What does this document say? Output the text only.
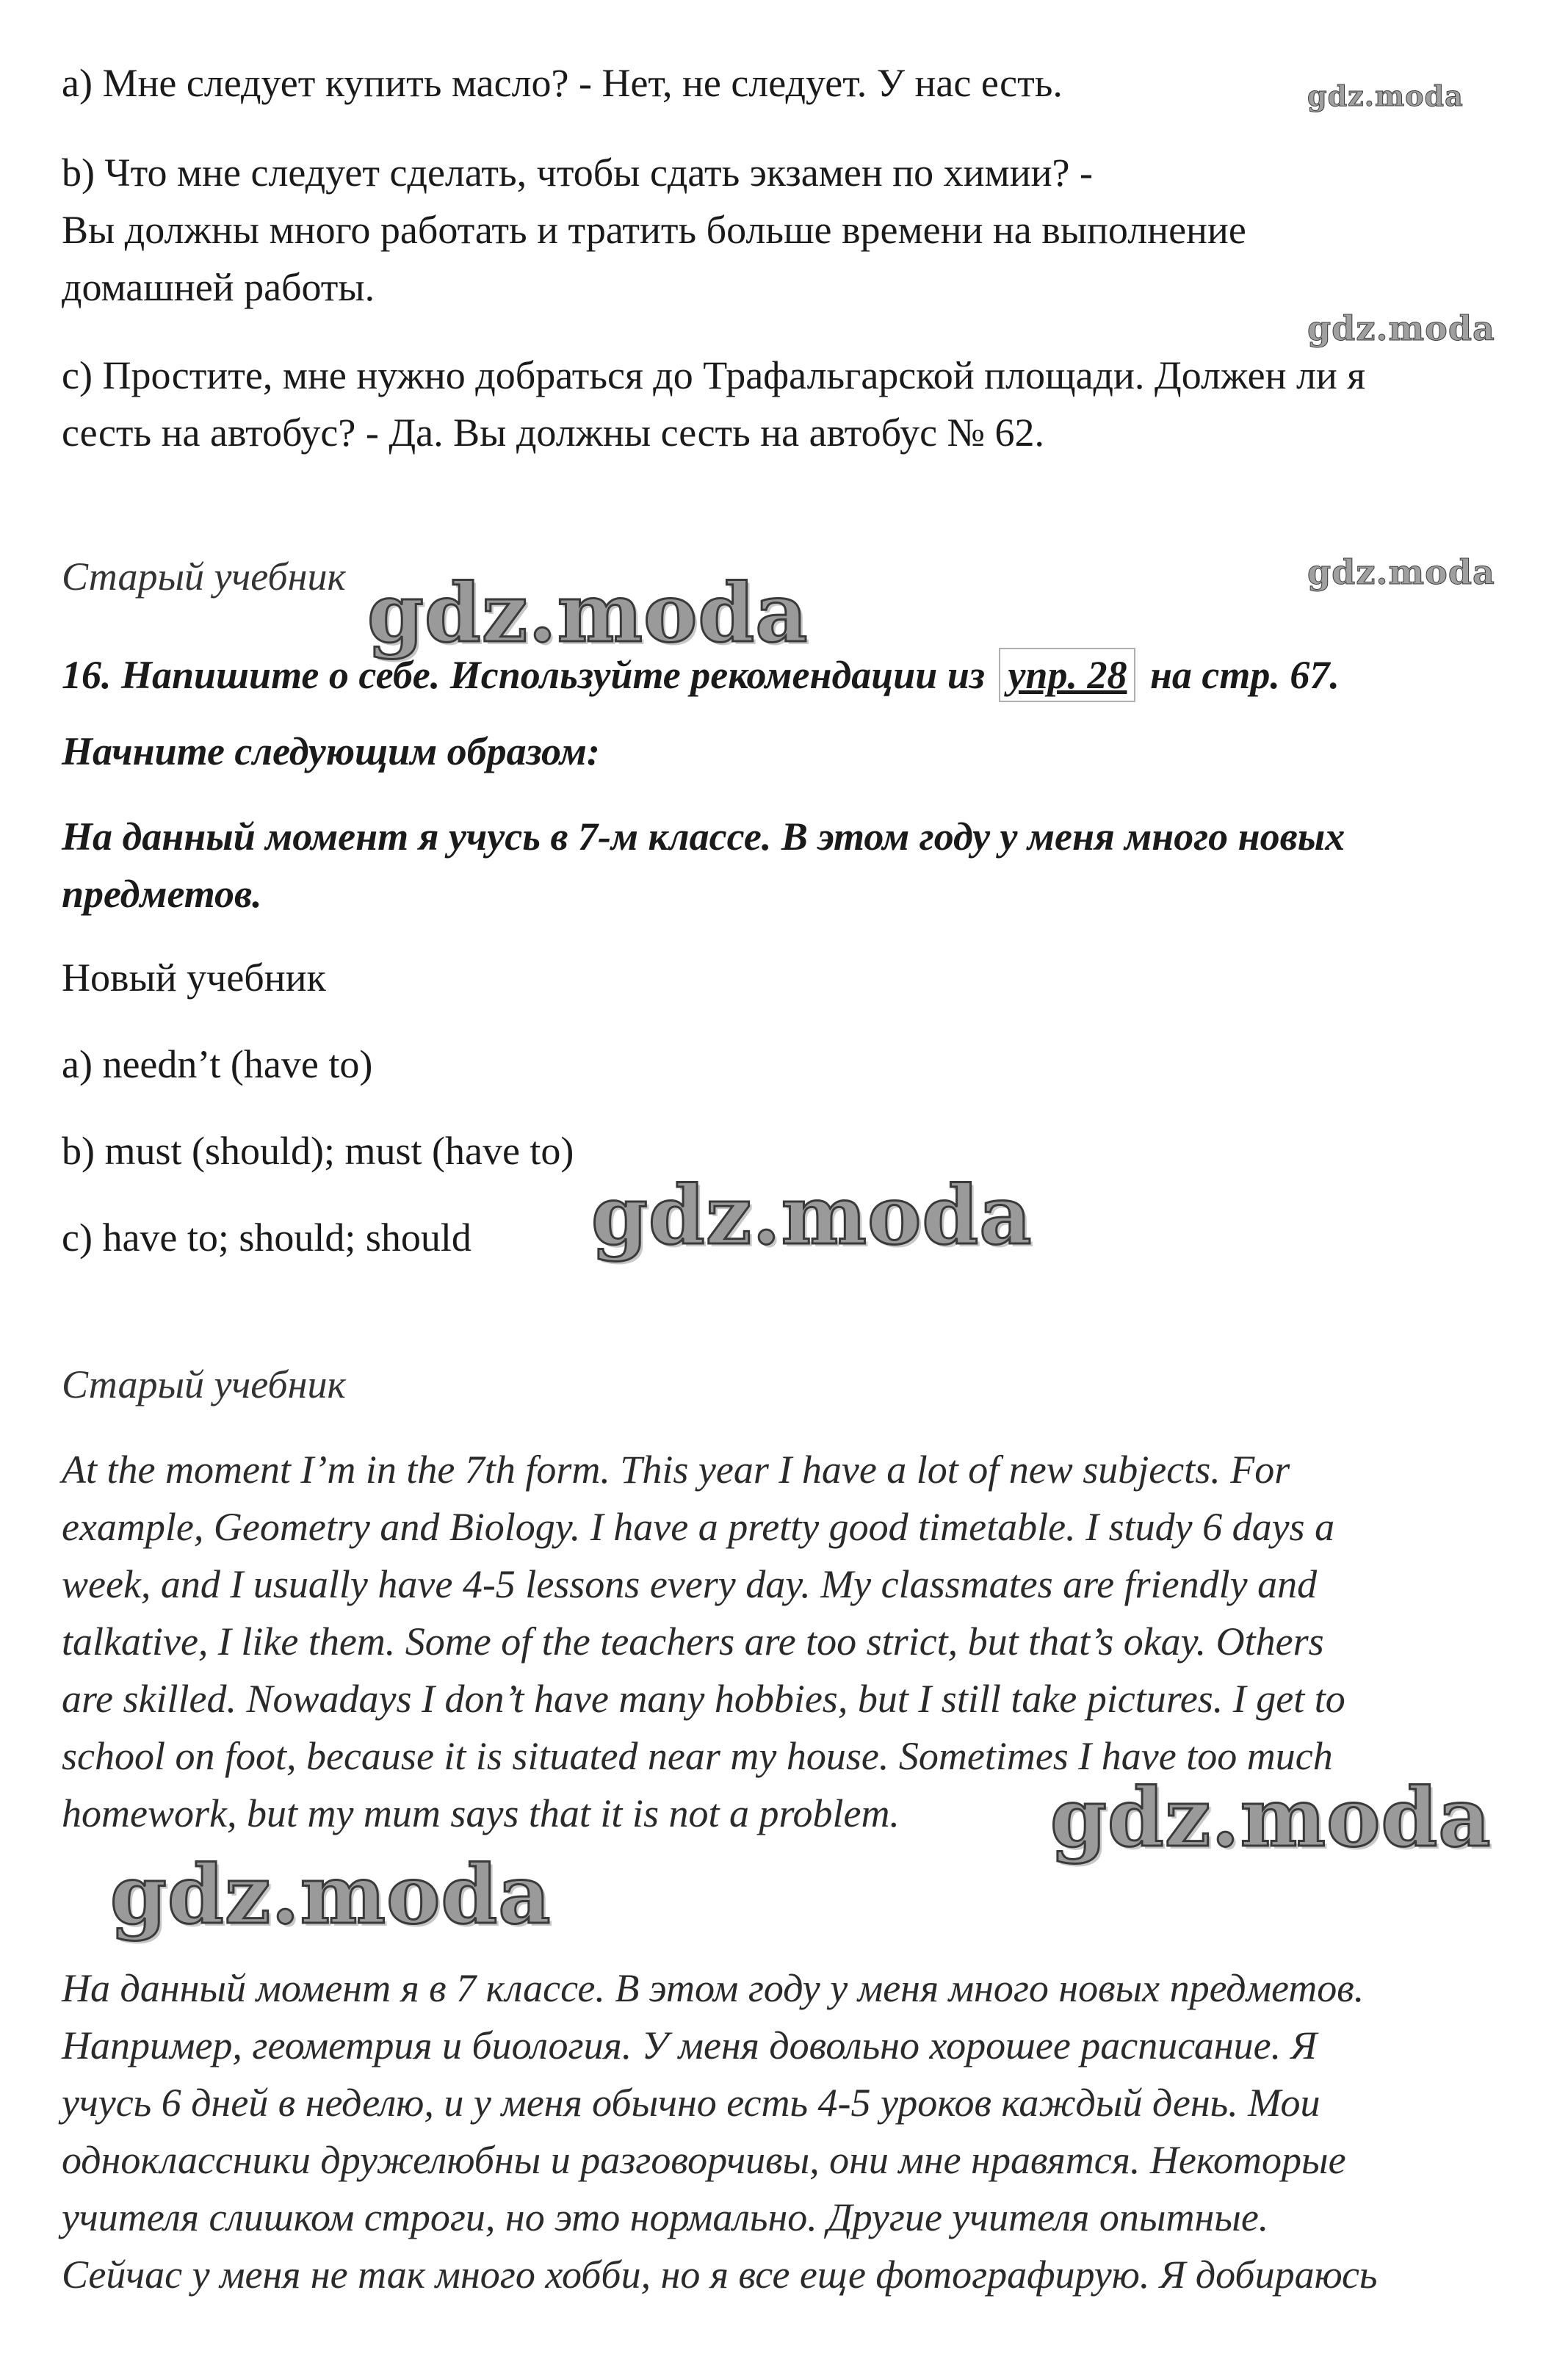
gdz.moda
gdz.moda
gdz.moda
gdz.moda
gdz.moda
gdz.moda
gdz.moda
a) Мне следует купить масло? - Нет, не следует. У нас есть.
b) Что мне следует сделать, чтобы сдать экзамен по химии? -
Вы должны много работать и тратить больше времени на выполнение
домашней работы.
c) Простите, мне нужно добраться до Трафальгарской площади. Должен ли я
сесть на автобус? - Да. Вы должны сесть на автобус № 62.
Старый учебник
16. Напишите о себе. Используйте рекомендации из упр. 28 на стр. 67.
Начните следующим образом:
На данный момент я учусь в 7-м классе. В этом году у меня много новых
предметов.
Новый учебник
a) needn’t (have to)
b) must (should); must (have to)
c) have to; should; should
Старый учебник
At the moment I’m in the 7th form. This year I have a lot of new subjects. For
example, Geometry and Biology. I have a pretty good timetable. I study 6 days a
week, and I usually have 4-5 lessons every day. My classmates are friendly and
talkative, I like them. Some of the teachers are too strict, but that’s okay. Others
are skilled. Nowadays I don’t have many hobbies, but I still take pictures. I get to
school on foot, because it is situated near my house. Sometimes I have too much
homework, but my mum says that it is not a problem.
На данный момент я в 7 классе. В этом году у меня много новых предметов.
Например, геометрия и биология. У меня довольно хорошее расписание. Я
учусь 6 дней в неделю, и у меня обычно есть 4-5 уроков каждый день. Мои
одноклассники дружелюбны и разговорчивы, они мне нравятся. Некоторые
учителя слишком строги, но это нормально. Другие учителя опытные.
Сейчас у меня не так много хобби, но я все еще фотографирую. Я добираюсь
